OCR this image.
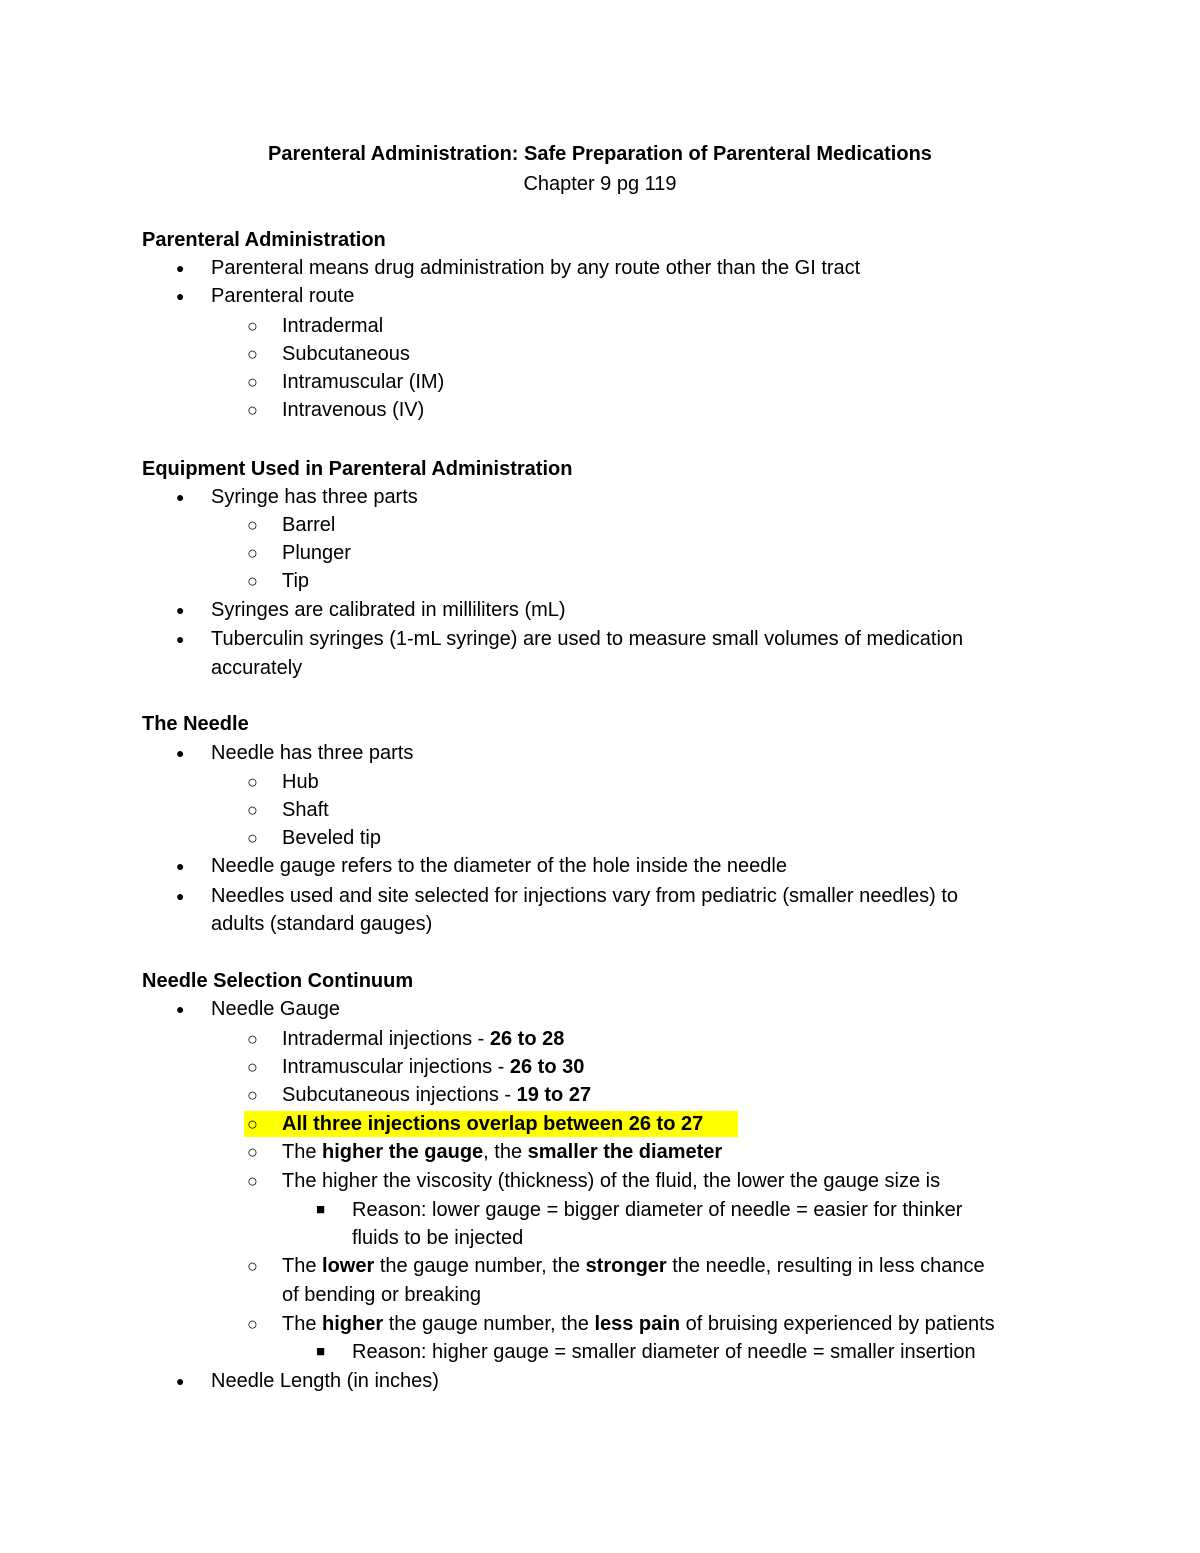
Parenteral Administration: Safe Preparation of Parenteral Medications
Chapter 9 pg 119
Parenteral Administration
● Parenteral means drug administration by any route other than the GI tract
● Parenteral route
○ Intradermal
○ Subcutaneous
○ Intramuscular (IM)
○ Intravenous (IV)
Equipment Used in Parenteral Administration
● Syringe has three parts
○ Barrel
○ Plunger
○ Tip
● Syringes are calibrated in milliliters (mL)
● Tuberculin syringes (1-mL syringe) are used to measure small volumes of medication
accurately
The Needle
● Needle has three parts
○ Hub
○ Shaft
○ Beveled tip
● Needle gauge refers to the diameter of the hole inside the needle
● Needles used and site selected for injections vary from pediatric (smaller needles) to
adults (standard gauges)
Needle Selection Continuum
● Needle Gauge
○ Intradermal injections - 26 to 28
○ Intramuscular injections - 26 to 30
○ Subcutaneous injections - 19 to 27
○ All three injections overlap between 26 to 27
○ The higher the gauge, the smaller the diameter
○ The higher the viscosity (thickness) of the fluid, the lower the gauge size is
■ Reason: lower gauge = bigger diameter of needle = easier for thinker
fluids to be injected
○ The lower the gauge number, the stronger the needle, resulting in less chance
of bending or breaking
○ The higher the gauge number, the less pain of bruising experienced by patients
■ Reason: higher gauge = smaller diameter of needle = smaller insertion
● Needle Length (in inches)
